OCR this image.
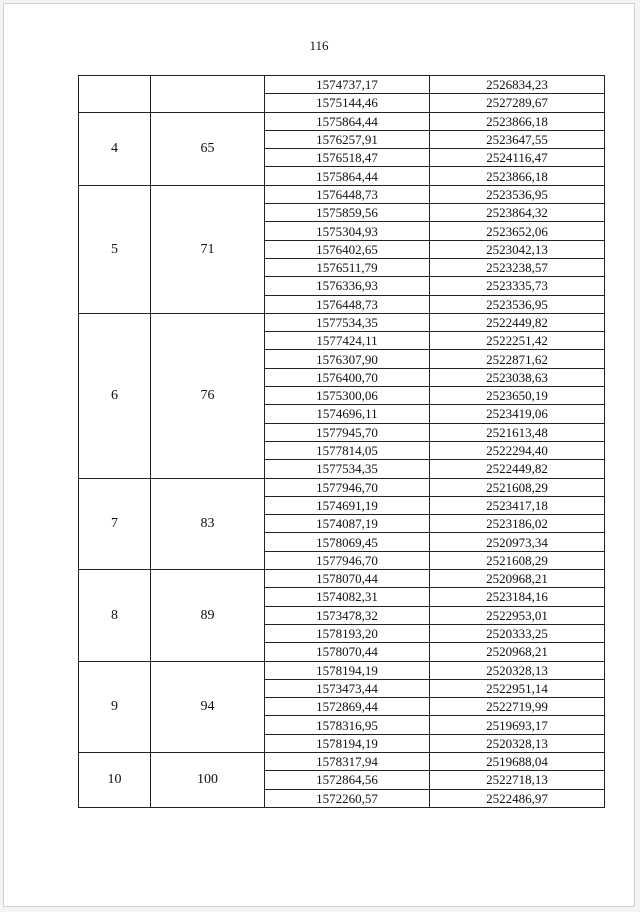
116
		1574737,17	2526834,23
		1575144,46	2527289,67
4	65	1575864,44	2523866,18
		1576257,91	2523647,55
		1576518,47	2524116,47
		1575864,44	2523866,18
5	71	1576448,73	2523536,95
		1575859,56	2523864,32
		1575304,93	2523652,06
		1576402,65	2523042,13
		1576511,79	2523238,57
		1576336,93	2523335,73
		1576448,73	2523536,95
6	76	1577534,35	2522449,82
		1577424,11	2522251,42
		1576307,90	2522871,62
		1576400,70	2523038,63
		1575300,06	2523650,19
		1574696,11	2523419,06
		1577945,70	2521613,48
		1577814,05	2522294,40
		1577534,35	2522449,82
7	83	1577946,70	2521608,29
		1574691,19	2523417,18
		1574087,19	2523186,02
		1578069,45	2520973,34
		1577946,70	2521608,29
8	89	1578070,44	2520968,21
		1574082,31	2523184,16
		1573478,32	2522953,01
		1578193,20	2520333,25
		1578070,44	2520968,21
9	94	1578194,19	2520328,13
		1573473,44	2522951,14
		1572869,44	2522719,99
		1578316,95	2519693,17
		1578194,19	2520328,13
10	100	1578317,94	2519688,04
		1572864,56	2522718,13
		1572260,57	2522486,97
